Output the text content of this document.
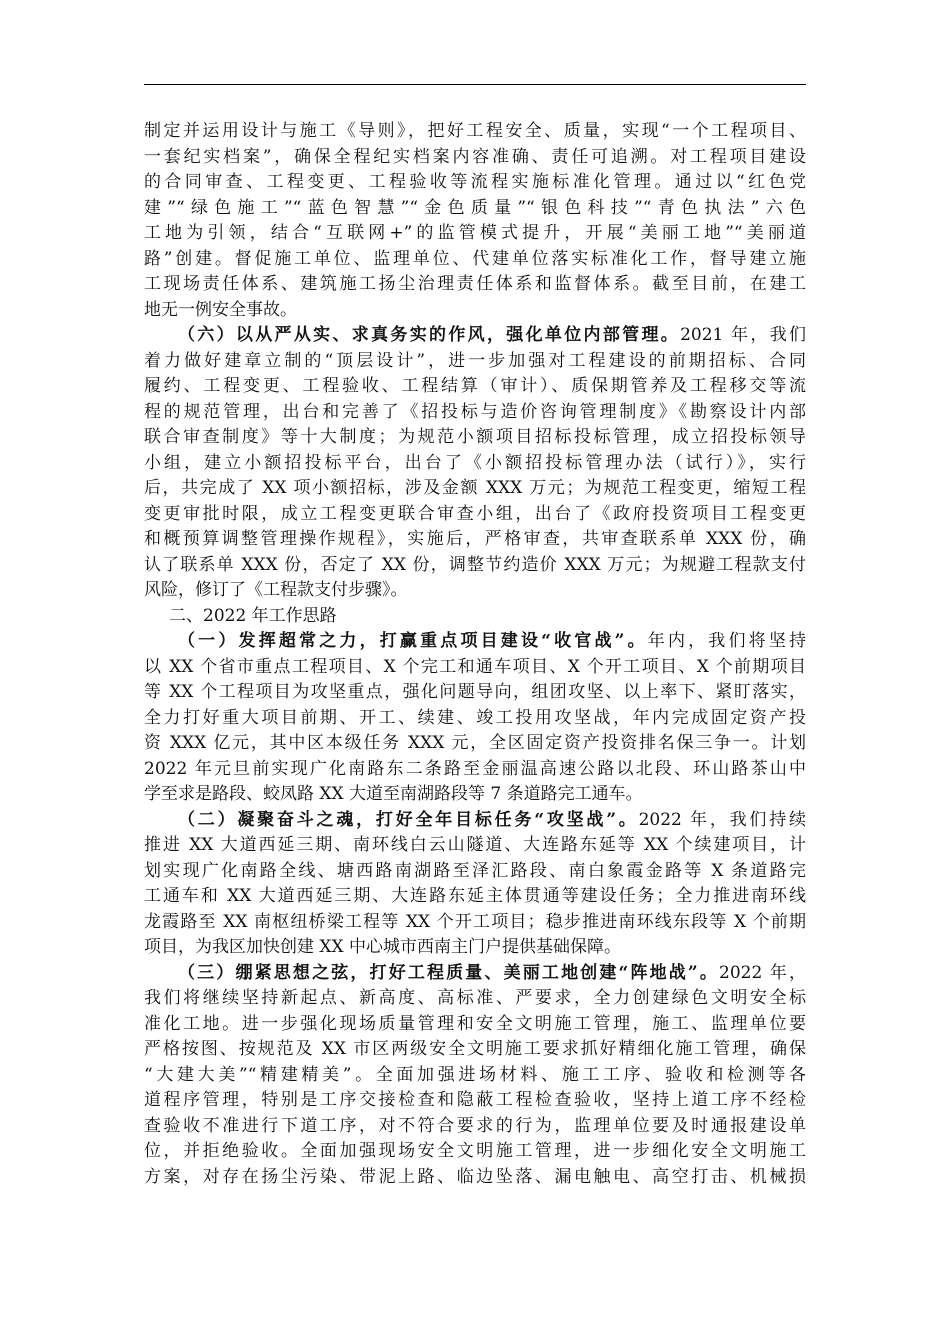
制定并运用设计与施工《导则》，把好工程安全、质量，实现“一个工程项目、
一套纪实档案”，确保全程纪实档案内容准确、责任可追溯。对工程项目建设
的合同审查、工程变更、工程验收等流程实施标准化管理。通过以“红色党
建”“绿色施工”“蓝色智慧”“金色质量”“银色科技”“青色执法”六色
工地为引领，结合“互联网+”的监管模式提升，开展“美丽工地”“美丽道
路”创建。督促施工单位、监理单位、代建单位落实标准化工作，督导建立施
工现场责任体系、建筑施工扬尘治理责任体系和监督体系。截至目前，在建工
地无一例安全事故。
（六）以从严从实、求真务实的作风，强化单位内部管理。2021 年，我们
着力做好建章立制的“顶层设计”，进一步加强对工程建设的前期招标、合同
履约、工程变更、工程验收、工程结算（审计）、质保期管养及工程移交等流
程的规范管理，出台和完善了《招投标与造价咨询管理制度》《勘察设计内部
联合审查制度》等十大制度；为规范小额项目招标投标管理，成立招投标领导
小组，建立小额招投标平台，出台了《小额招投标管理办法（试行）》，实行
后，共完成了 XX 项小额招标，涉及金额 XXX 万元；为规范工程变更，缩短工程
变更审批时限，成立工程变更联合审查小组，出台了《政府投资项目工程变更
和概预算调整管理操作规程》，实施后，严格审查，共审查联系单 XXX 份，确
认了联系单 XXX 份，否定了 XX 份，调整节约造价 XXX 万元；为规避工程款支付
风险，修订了《工程款支付步骤》。
二、2022 年工作思路
（一）发挥超常之力，打赢重点项目建设“收官战”。年内，我们将坚持
以 XX 个省市重点工程项目、X 个完工和通车项目、X 个开工项目、X 个前期项目
等 XX 个工程项目为攻坚重点，强化问题导向，组团攻坚、以上率下、紧盯落实，
全力打好重大项目前期、开工、续建、竣工投用攻坚战，年内完成固定资产投
资 XXX 亿元，其中区本级任务 XXX 元，全区固定资产投资排名保三争一。计划
2022 年元旦前实现广化南路东二条路至金丽温高速公路以北段、环山路茶山中
学至求是路段、蛟凤路 XX 大道至南湖路段等 7 条道路完工通车。
（二）凝聚奋斗之魂，打好全年目标任务“攻坚战”。2022 年，我们持续
推进 XX 大道西延三期、南环线白云山隧道、大连路东延等 XX 个续建项目，计
划实现广化南路全线、塘西路南湖路至泽汇路段、南白象霞金路等 X 条道路完
工通车和 XX 大道西延三期、大连路东延主体贯通等建设任务；全力推进南环线
龙霞路至 XX 南枢纽桥梁工程等 XX 个开工项目；稳步推进南环线东段等 X 个前期
项目，为我区加快创建 XX 中心城市西南主门户提供基础保障。
（三）绷紧思想之弦，打好工程质量、美丽工地创建“阵地战”。2022 年，
我们将继续坚持新起点、新高度、高标准、严要求，全力创建绿色文明安全标
准化工地。进一步强化现场质量管理和安全文明施工管理，施工、监理单位要
严格按图、按规范及 XX 市区两级安全文明施工要求抓好精细化施工管理，确保
“大建大美”“精建精美”。全面加强进场材料、施工工序、验收和检测等各
道程序管理，特别是工序交接检查和隐蔽工程检查验收，坚持上道工序不经检
查验收不准进行下道工序，对不符合要求的行为，监理单位要及时通报建设单
位，并拒绝验收。全面加强现场安全文明施工管理，进一步细化安全文明施工
方案，对存在扬尘污染、带泥上路、临边坠落、漏电触电、高空打击、机械损
